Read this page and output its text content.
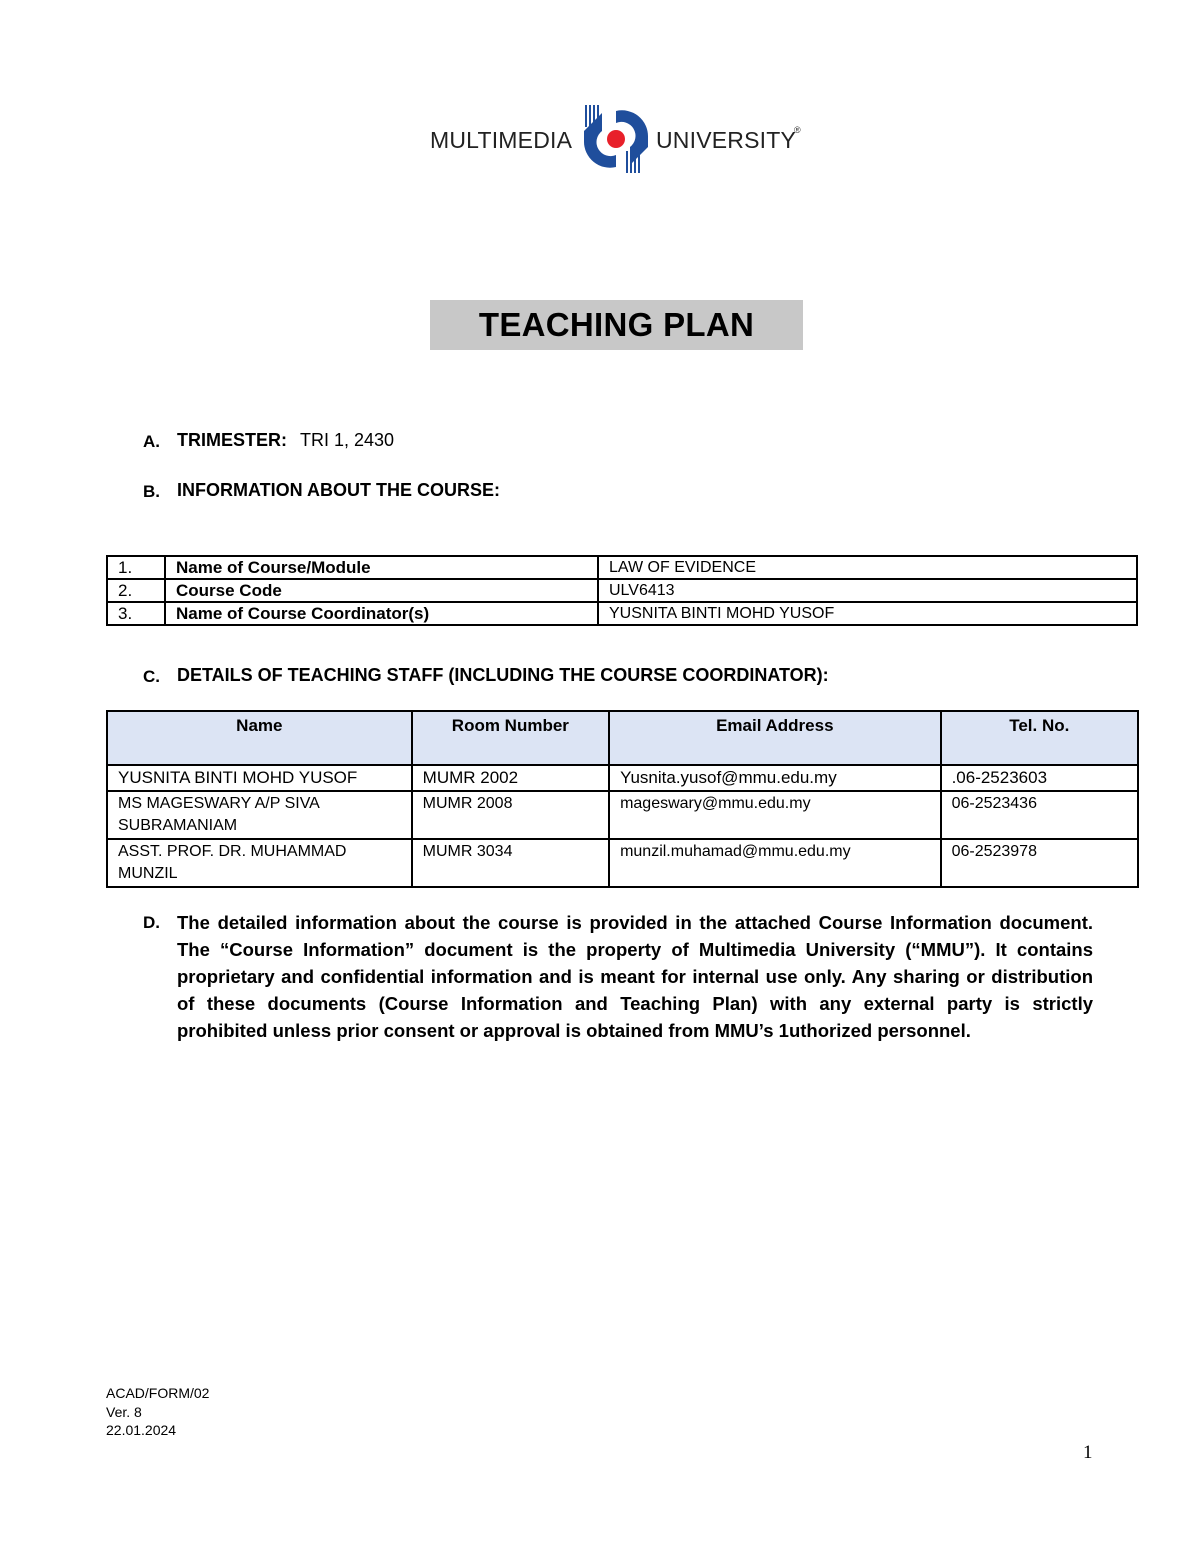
MULTIMEDIA	UNIVERSITY
®
TEACHING PLAN
A. TRIMESTER: TRI 1, 2430
B. INFORMATION ABOUT THE COURSE:
1.	Name of Course/Module	LAW OF EVIDENCE
2.	Course Code	ULV6413
3.	Name of Course Coordinator(s)	YUSNITA BINTI MOHD YUSOF
C. DETAILS OF TEACHING STAFF (INCLUDING THE COURSE COORDINATOR):
Name	Room Number	Email Address	Tel. No.
YUSNITA BINTI MOHD YUSOF	MUMR 2002	Yusnita.yusof@mmu.edu.my	.06-2523603
MS MAGESWARY A/P SIVA SUBRAMANIAM	MUMR 2008	mageswary@mmu.edu.my	06-2523436
ASST. PROF. DR. MUHAMMAD MUNZIL	MUMR 3034	munzil.muhamad@mmu.edu.my	06-2523978
D. The detailed information about the course is provided in the attached Course Information document. The “Course Information” document is the property of Multimedia University (“MMU”). It contains proprietary and confidential information and is meant for internal use only. Any sharing or distribution of these documents (Course Information and Teaching Plan) with any external party is strictly prohibited unless prior consent or approval is obtained from MMU’s 1uthorized personnel.
ACAD/FORM/02
Ver. 8
22.01.2024
1
